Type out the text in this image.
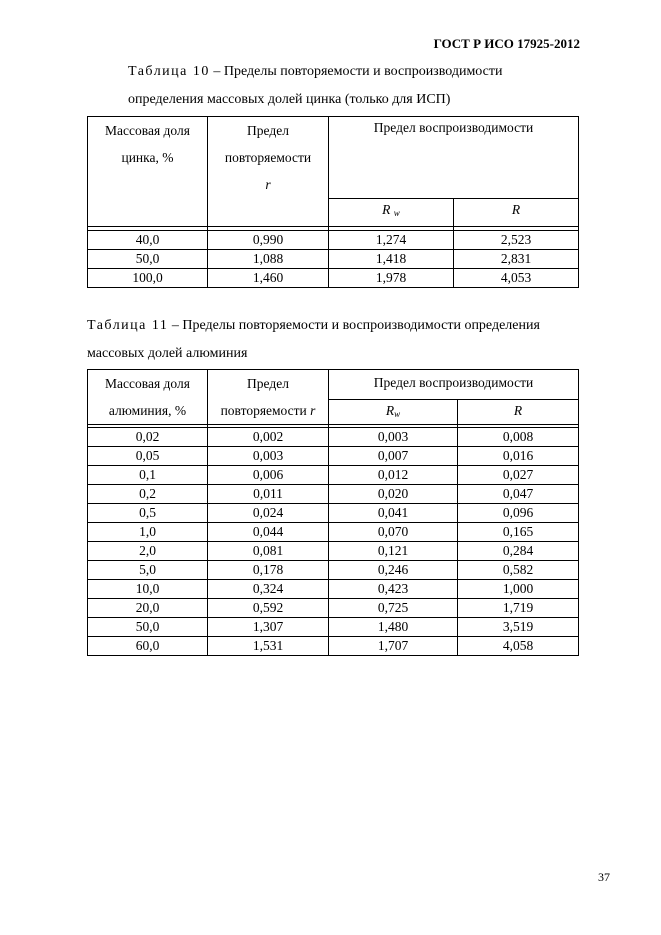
ГОСТ Р ИСО 17925-2012
Таблица 10 – Пределы повторяемости и воспроизводимости
определения массовых долей цинка (только для ИСП)
Массовая доля
цинка, %	Предел
повторяемости
r	Предел воспроизводимости	
		R $_w$	R

40,0	0,990	1,274	2,523
50,0	1,088	1,418	2,831
100,0	1,460	1,978	4,053
Таблица 11 – Пределы повторяемости и воспроизводимости определения
массовых долей алюминия
Массовая доля
алюминия, %	Предел
повторяемости r	Предел воспроизводимости	
		$R_w$	R

0,02	0,002	0,003	0,008
0,05	0,003	0,007	0,016
0,1	0,006	0,012	0,027
0,2	0,011	0,020	0,047
0,5	0,024	0,041	0,096
1,0	0,044	0,070	0,165
2,0	0,081	0,121	0,284
5,0	0,178	0,246	0,582
10,0	0,324	0,423	1,000
20,0	0,592	0,725	1,719
50,0	1,307	1,480	3,519
60,0	1,531	1,707	4,058
37
